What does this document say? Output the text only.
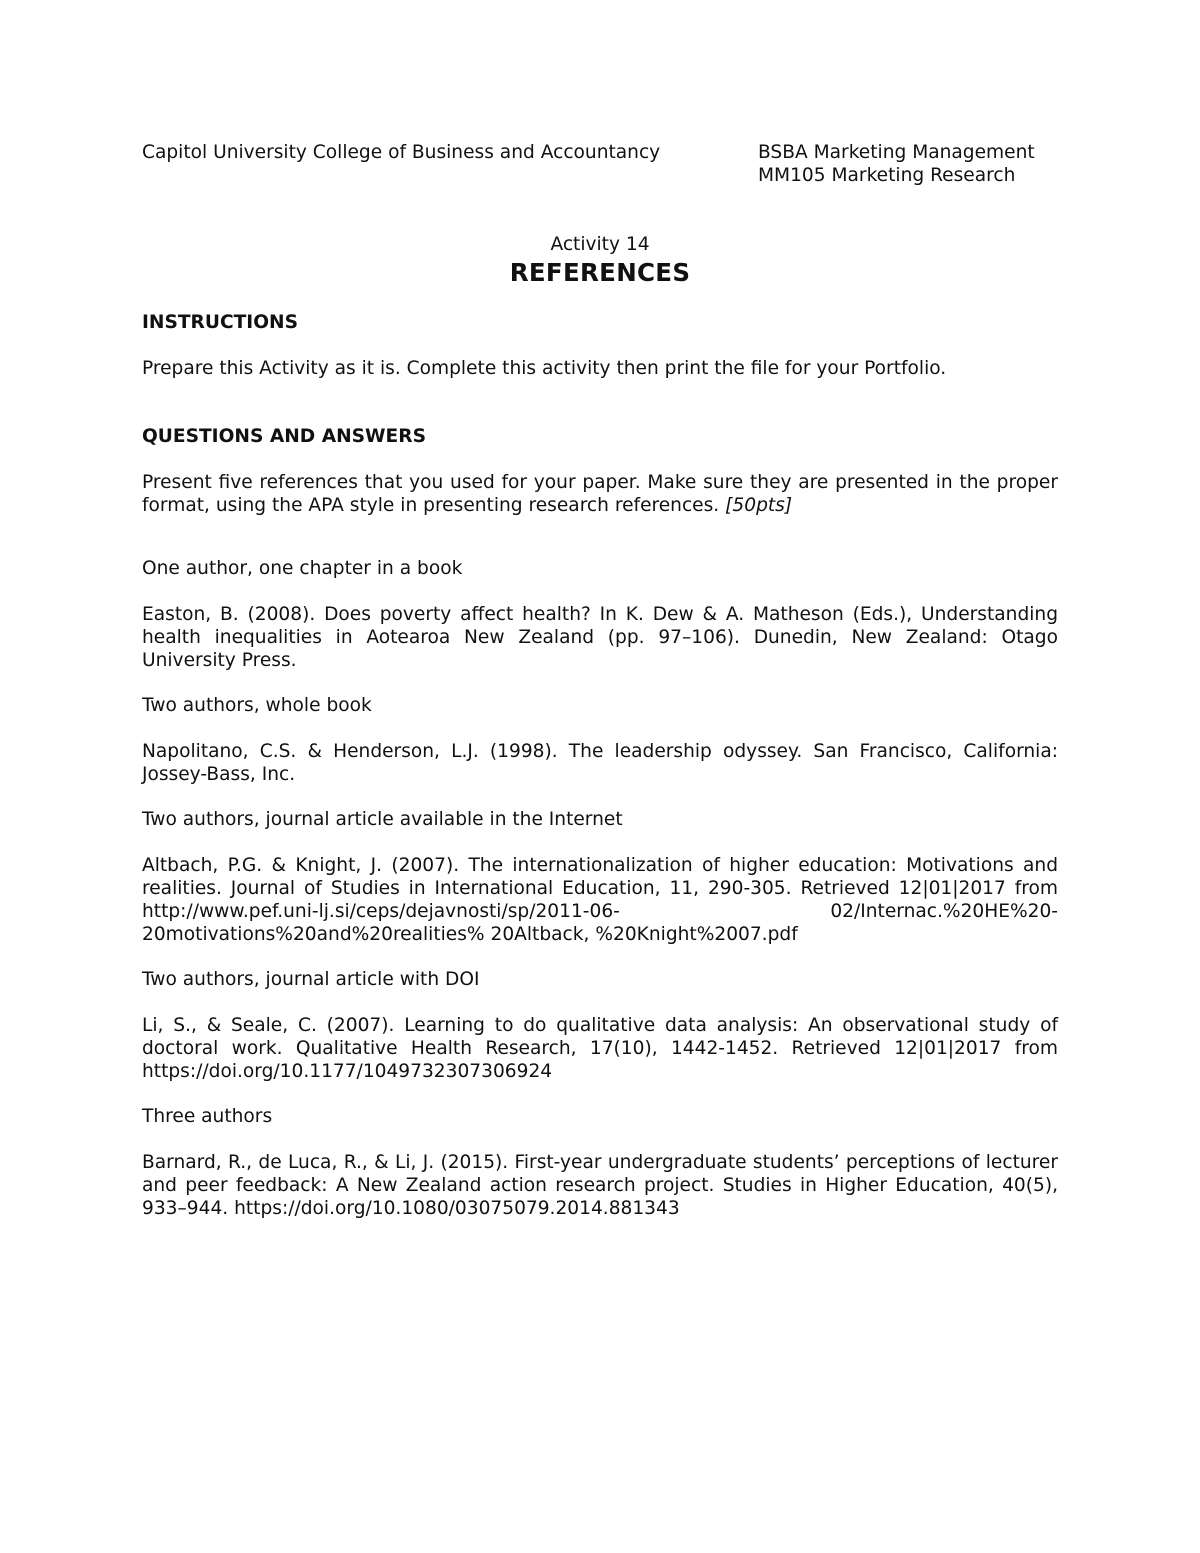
Capitol University College of Business and Accountancy	BSBA Marketing Management
MM105 Marketing Research
Activity 14
REFERENCES
INSTRUCTIONS

Prepare this Activity as it is. Complete this activity then print the file for your Portfolio.

QUESTIONS AND ANSWERS

Present five references that you used for your paper. Make sure they are presented in the proper format, using the APA style in presenting research references. [50pts]

One author, one chapter in a book

Easton, B. (2008). Does poverty affect health? In K. Dew & A. Matheson (Eds.), Understanding health inequalities in Aotearoa New Zealand (pp. 97–106). Dunedin, New Zealand: Otago University Press.

Two authors, whole book

Napolitano, C.S. & Henderson, L.J. (1998). The leadership odyssey. San Francisco, California: Jossey-Bass, Inc.

Two authors, journal article available in the Internet

Altbach, P.G. & Knight, J. (2007). The internationalization of higher education: Motivations and realities. Journal of Studies in International Education, 11, 290-305. Retrieved 12|01|2017 from http://www.pef.uni-lj.si/ceps/dejavnosti/sp/2011-06- 02/Internac.%20HE%20-20motivations%20and%20realities% 20Altback, %20Knight%2007.pdf

Two authors, journal article with DOI

Li, S., & Seale, C. (2007). Learning to do qualitative data analysis: An observational study of doctoral work. Qualitative Health Research, 17(10), 1442-1452. Retrieved 12|01|2017 from https://doi.org/10.1177/1049732307306924

Three authors

Barnard, R., de Luca, R., & Li, J. (2015). First-year undergraduate students’ perceptions of lecturer and peer feedback: A New Zealand action research project. Studies in Higher Education, 40(5), 933–944. https://doi.org/10.1080/03075079.2014.881343
